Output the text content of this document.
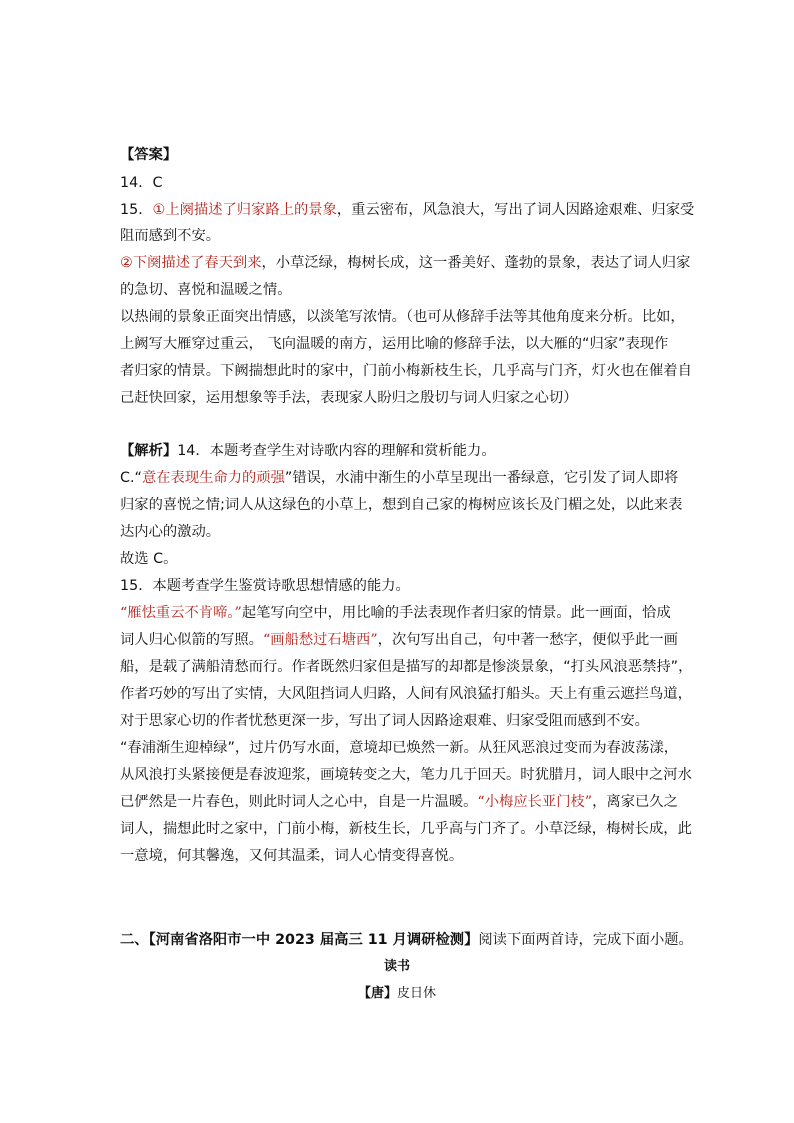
【答案】
14．C
15．①上阕描述了归家路上的景象，重云密布，风急浪大，写出了词人因路途艰难、归家受
阻而感到不安。
②下阕描述了春天到来，小草泛绿，梅树长成，这一番美好、蓬勃的景象，表达了词人归家
的急切、喜悦和温暖之情。
以热闹的景象正面突出情感，以淡笔写浓情。（也可从修辞手法等其他角度来分析。比如，
上阙写大雁穿过重云， 飞向温暖的南方，运用比喻的修辞手法，以大雁的“归家”表现作
者归家的情景。下阙揣想此时的家中，门前小梅新枝生长，几乎高与门齐，灯火也在催着自
己赶快回家，运用想象等手法，表现家人盼归之殷切与词人归家之心切）
【解析】14．本题考查学生对诗歌内容的理解和赏析能力。
C.“意在表现生命力的顽强”错误，水浦中渐生的小草呈现出一番绿意，它引发了词人即将
归家的喜悦之情;词人从这绿色的小草上，想到自己家的梅树应该长及门楣之处，以此来表
达内心的激动。
故选 C。
15．本题考查学生鉴赏诗歌思想情感的能力。
“雁怯重云不肯啼。”起笔写向空中，用比喻的手法表现作者归家的情景。此一画面，恰成
词人归心似箭的写照。“画船愁过石塘西”，次句写出自己，句中著一愁字，便似乎此一画
船，是载了满船清愁而行。作者既然归家但是描写的却都是惨淡景象，“打头风浪恶禁持”，
作者巧妙的写出了实情，大风阻挡词人归路，人间有风浪猛打船头。天上有重云遮拦鸟道，
对于思家心切的作者忧愁更深一步，写出了词人因路途艰难、归家受阻而感到不安。
“春浦渐生迎棹绿”，过片仍写水面，意境却已焕然一新。从狂风恶浪过变而为春波荡漾，
从风浪打头紧接便是春波迎浆，画境转变之大，笔力几于回天。时犹腊月，词人眼中之河水
已俨然是一片春色，则此时词人之心中，自是一片温暖。“小梅应长亚门枝”，离家已久之
词人，揣想此时之家中，门前小梅，新枝生长，几乎高与门齐了。小草泛绿，梅树长成，此
一意境，何其馨逸，又何其温柔，词人心情变得喜悦。
二、【河南省洛阳市一中 2023 届高三 11 月调研检测】阅读下面两首诗，完成下面小题。
读书
【唐】皮日休
